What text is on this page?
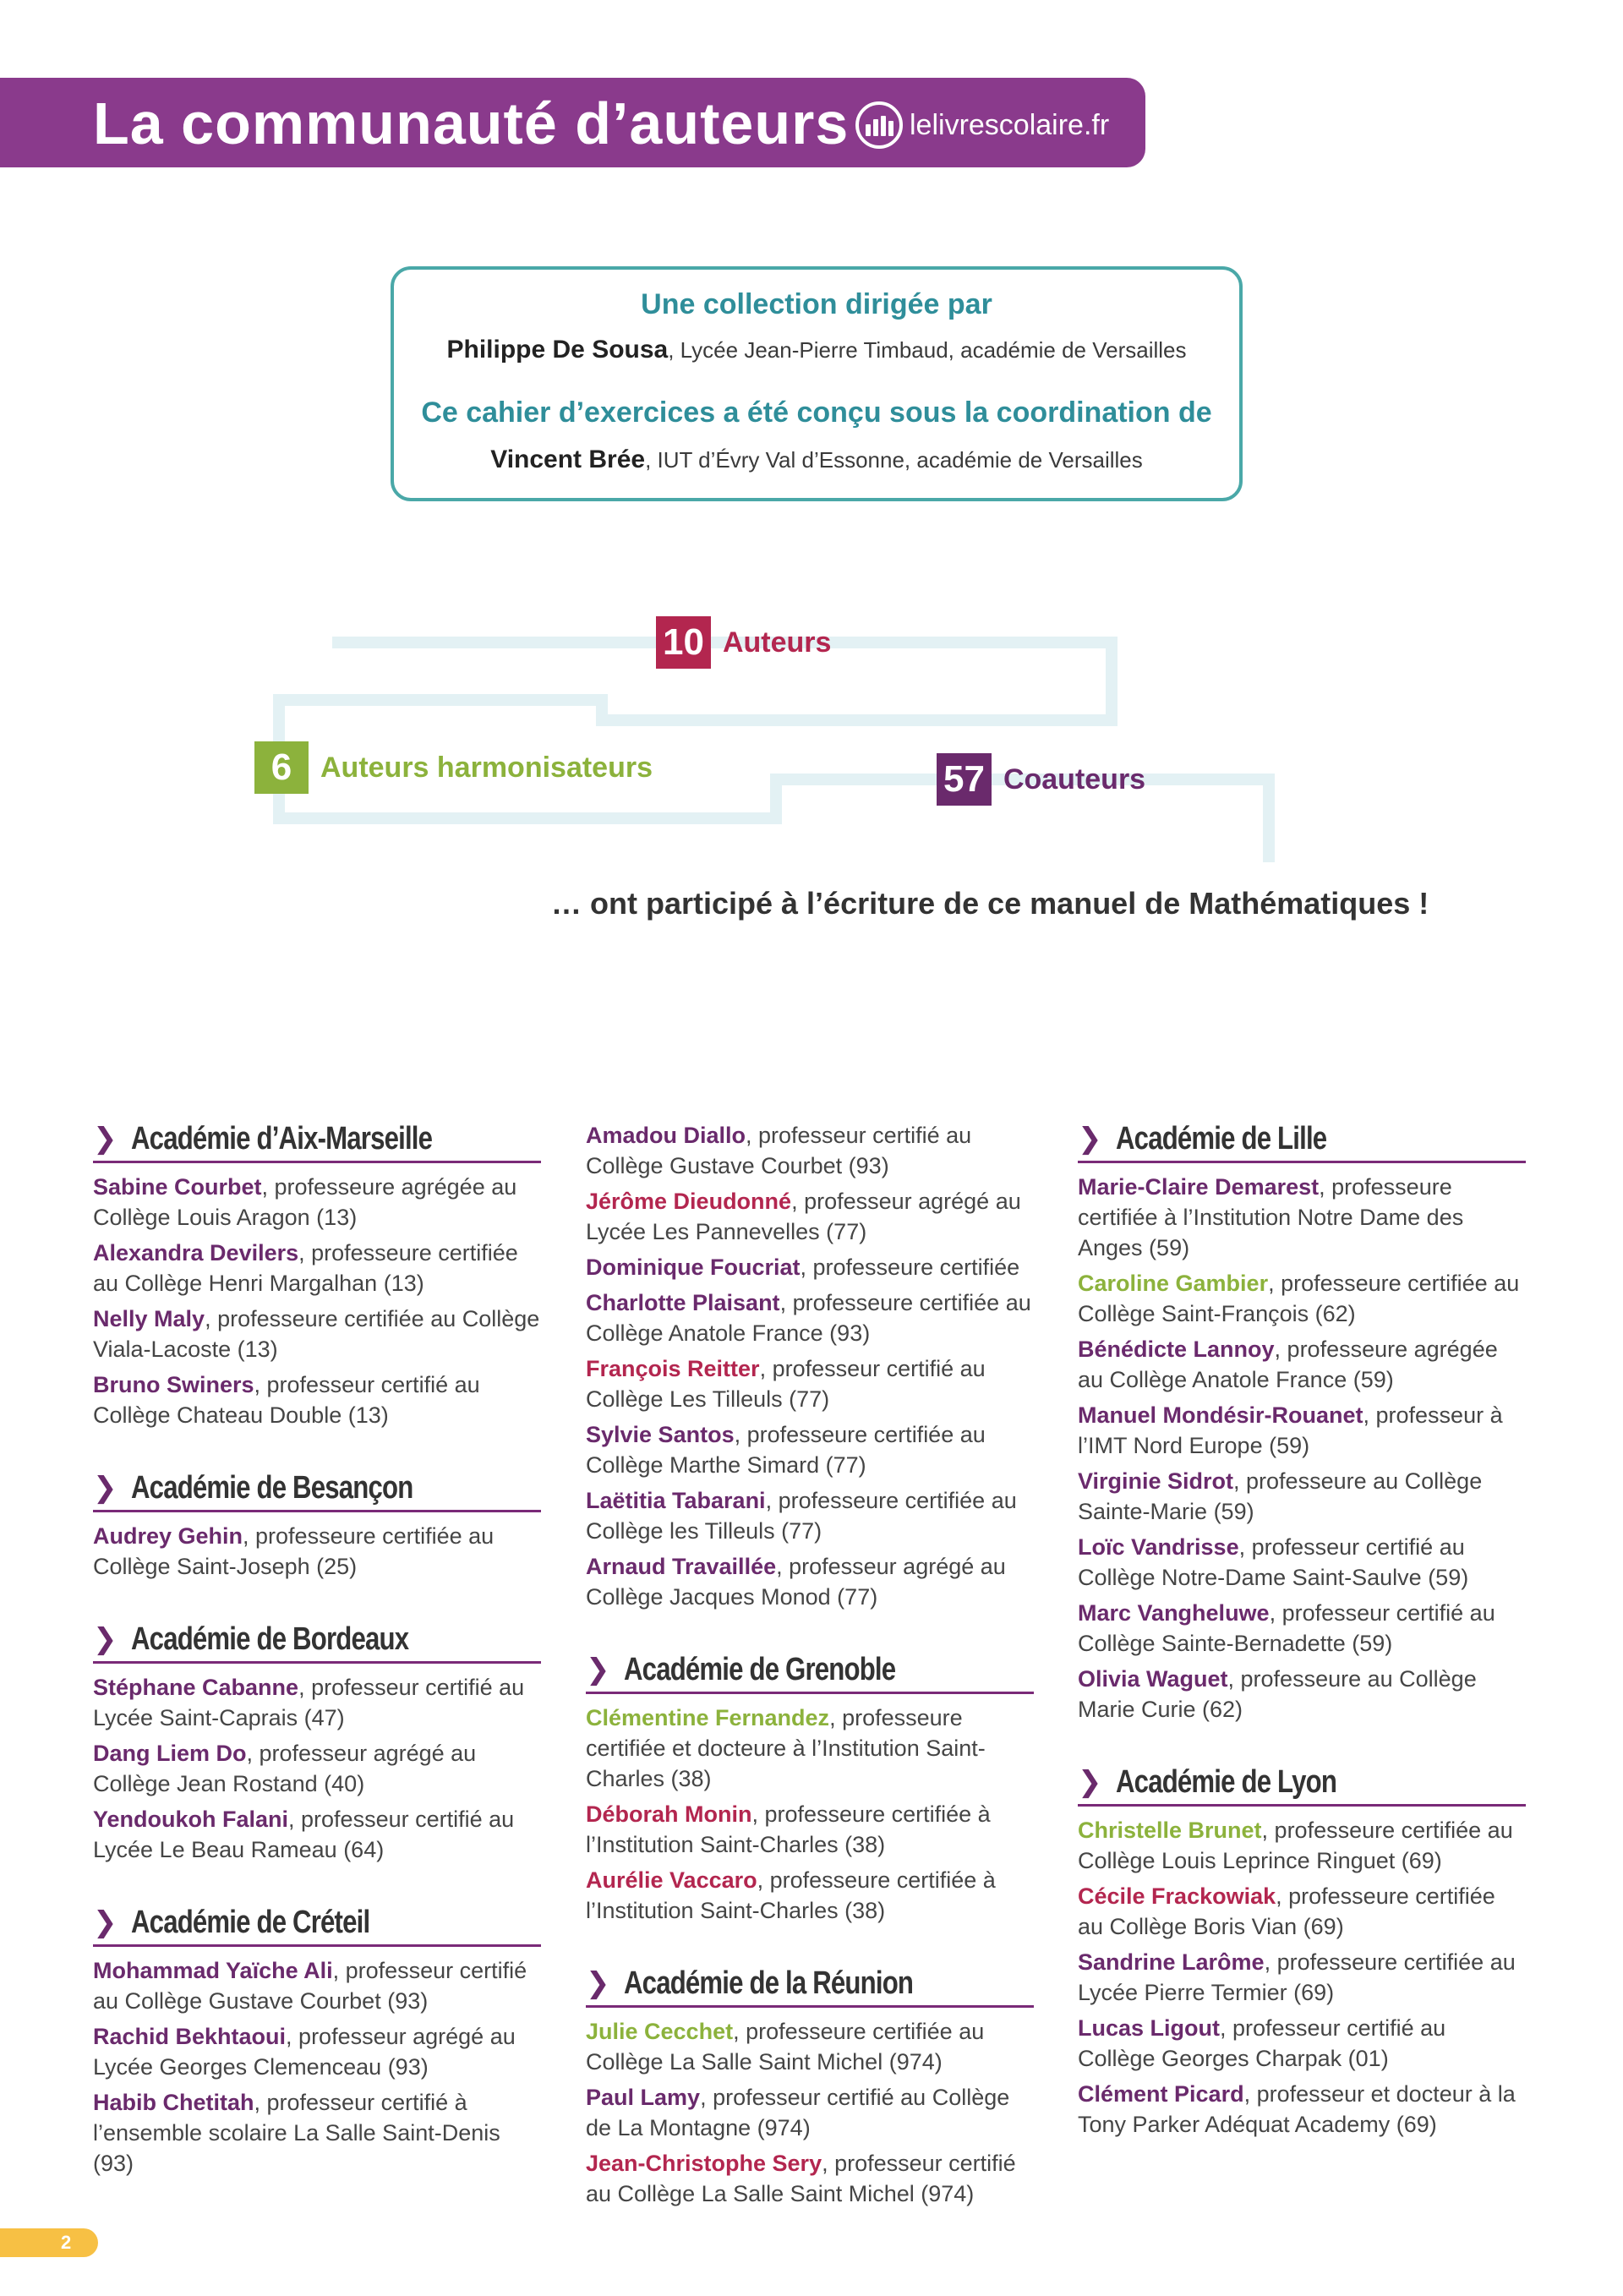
La communauté d’auteurs lelivrescolaire.fr
Une collection dirigée par
Philippe De Sousa, Lycée Jean-Pierre Timbaud, académie de Versailles
Ce cahier d’exercices a été conçu sous la coordination de
Vincent Brée, IUT d’Évry Val d’Essonne, académie de Versailles
10 Auteurs
6 Auteurs harmonisateurs	57 Coauteurs
… ont participé à l’écriture de ce manuel de Mathématiques !
❯ Académie d’Aix-Marseille
Sabine Courbet, professeure agrégée au Collège Louis Aragon (13)
Alexandra Devilers, professeure certifiée au Collège Henri Margalhan (13)
Nelly Maly, professeure certifiée au Collège Viala-Lacoste (13)
Bruno Swiners, professeur certifié au Collège Chateau Double (13)
❯ Académie de Besançon
Audrey Gehin, professeure certifiée au Collège Saint-Joseph (25)
❯ Académie de Bordeaux
Stéphane Cabanne, professeur certifié au Lycée Saint-Caprais (47)
Dang Liem Do, professeur agrégé au Collège Jean Rostand (40)
Yendoukoh Falani, professeur certifié au Lycée Le Beau Rameau (64)
❯ Académie de Créteil
Mohammad Yaïche Ali, professeur certifié au Collège Gustave Courbet (93)
Rachid Bekhtaoui, professeur agrégé au Lycée Georges Clemenceau (93)
Habib Chetitah, professeur certifié à l’ensemble scolaire La Salle Saint-Denis (93)
Amadou Diallo, professeur certifié au Collège Gustave Courbet (93)
Jérôme Dieudonné, professeur agrégé au Lycée Les Pannevelles (77)
Dominique Foucriat, professeure certifiée
Charlotte Plaisant, professeure certifiée au Collège Anatole France (93)
François Reitter, professeur certifié au Collège Les Tilleuls (77)
Sylvie Santos, professeure certifiée au Collège Marthe Simard (77)
Laëtitia Tabarani, professeure certifiée au Collège les Tilleuls (77)
Arnaud Travaillée, professeur agrégé au Collège Jacques Monod (77)
❯ Académie de Grenoble
Clémentine Fernandez, professeure certifiée et docteure à l’Institution Saint-Charles (38)
Déborah Monin, professeure certifiée à l’Institution Saint-Charles (38)
Aurélie Vaccaro, professeure certifiée à l’Institution Saint-Charles (38)
❯ Académie de la Réunion
Julie Cecchet, professeure certifiée au Collège La Salle Saint Michel (974)
Paul Lamy, professeur certifié au Collège de La Montagne (974)
Jean-Christophe Sery, professeur certifié au Collège La Salle Saint Michel (974)
❯ Académie de Lille
Marie-Claire Demarest, professeure certifiée à l’Institution Notre Dame des Anges (59)
Caroline Gambier, professeure certifiée au Collège Saint-François (62)
Bénédicte Lannoy, professeure agrégée au Collège Anatole France (59)
Manuel Mondésir-Rouanet, professeur à l’IMT Nord Europe (59)
Virginie Sidrot, professeure au Collège Sainte-Marie (59)
Loïc Vandrisse, professeur certifié au Collège Notre-Dame Saint-Saulve (59)
Marc Vangheluwe, professeur certifié au Collège Sainte-Bernadette (59)
Olivia Waguet, professeure au Collège Marie Curie (62)
❯ Académie de Lyon
Christelle Brunet, professeure certifiée au Collège Louis Leprince Ringuet (69)
Cécile Frackowiak, professeure certifiée au Collège Boris Vian (69)
Sandrine Larôme, professeure certifiée au Lycée Pierre Termier (69)
Lucas Ligout, professeur certifié au Collège Georges Charpak (01)
Clément Picard, professeur et docteur à la Tony Parker Adéquat Academy (69)
2
